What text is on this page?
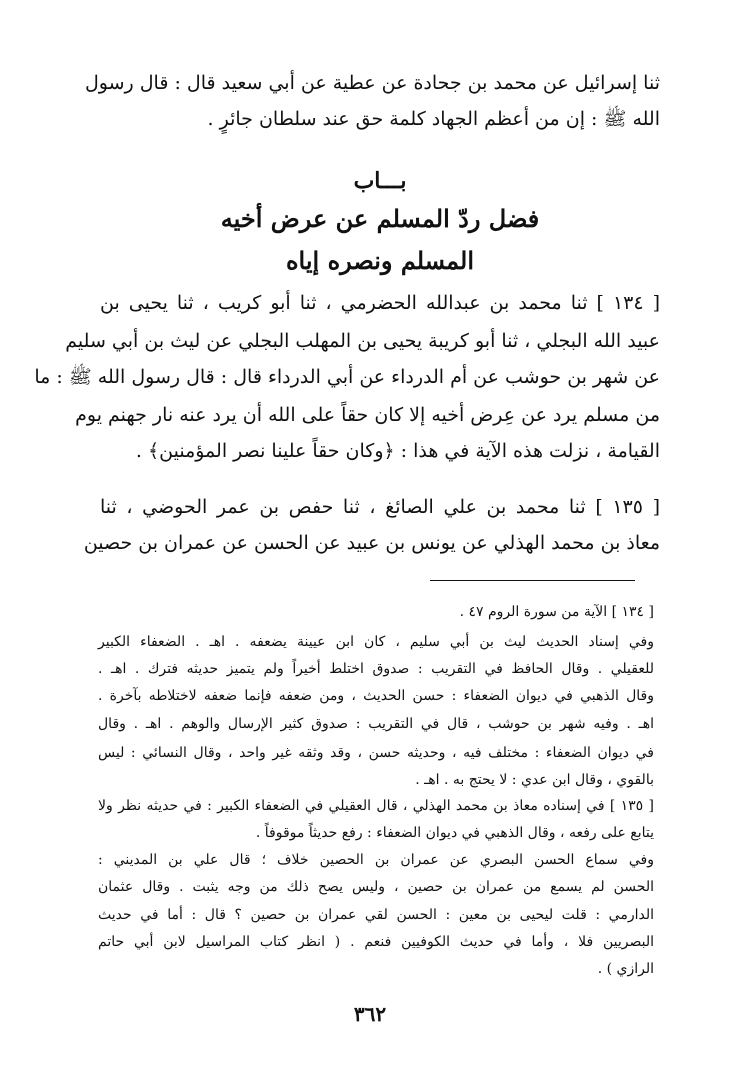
ثنا إسرائيل عن محمد بن جحادة عن عطية عن أبي سعيد قال : قال رسول
الله ﷺ : إن من أعظم الجهاد كلمة حق عند سلطان جائرٍ .
بـــاب
فضل ردّ المسلم عن عرض أخيه
المسلم ونصره إياه
[ ١٣٤ ] ثنا محمد بن عبدالله الحضرمي ، ثنا أبو كريب ، ثنا يحيى بن
عبيد الله البجلي ، ثنا أبو كريبة يحيى بن المهلب البجلي عن ليث بن أبي سليم
عن شهر بن حوشب عن أم الدرداء عن أبي الدرداء قال : قال رسول الله ﷺ : ما
من مسلم يرد عن عِرض أخيه إلا كان حقاً على الله أن يرد عنه نار جهنم يوم
القيامة ، نزلت هذه الآية في هذا : ﴿وكان حقاً علينا نصر المؤمنين﴾ .
[ ١٣٥ ] ثنا محمد بن علي الصائغ ، ثنا حفص بن عمر الحوضي ، ثنا
معاذ بن محمد الهذلي عن يونس بن عبيد عن الحسن عن عمران بن حصين
[ ١٣٤ ] الآية من سورة الروم ٤٧ .
وفي إسناد الحديث ليث بن أبي سليم ، كان ابن عيينة يضعفه . اهـ . الضعفاء الكبير
للعقيلي . وقال الحافظ في التقريب : صدوق اختلط أخيراً ولم يتميز حديثه فترك . اهـ .
وقال الذهبي في ديوان الضعفاء : حسن الحديث ، ومن ضعفه فإنما ضعفه لاختلاطه بآخرة .
اهـ . وفيه شهر بن حوشب ، قال في التقريب : صدوق كثير الإرسال والوهم . اهـ . وقال
في ديوان الضعفاء : مختلف فيه ، وحديثه حسن ، وقد وثقه غير واحد ، وقال النسائي : ليس
بالقوي ، وقال ابن عدي : لا يحتج به . اهـ .
[ ١٣٥ ] في إسناده معاذ بن محمد الهذلي ، قال العقيلي في الضعفاء الكبير : في حديثه نظر ولا
يتابع على رفعه ، وقال الذهبي في ديوان الضعفاء : رفع حديثاً موقوفاً .
وفي سماع الحسن البصري عن عمران بن الحصين خلاف ؛ قال علي بن المديني :
الحسن لم يسمع من عمران بن حصين ، وليس يصح ذلك من وجه يثبت . وقال عثمان
الدارمي : قلت ليحيى بن معين : الحسن لقي عمران بن حصين ؟ قال : أما في حديث
البصريين فلا ، وأما في حديث الكوفيين فنعم . ( انظر كتاب المراسيل لابن أبي حاتم
الرازي ) .
٣٦٢
